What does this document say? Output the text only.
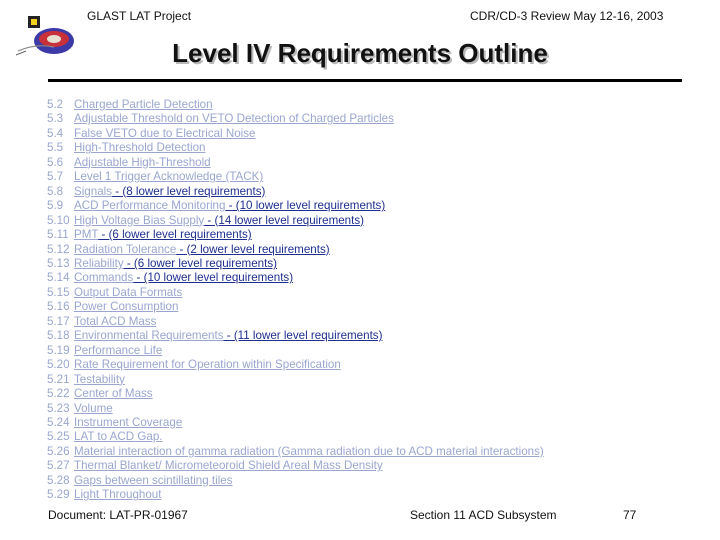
GLAST LAT Project	CDR/CD-3 Review May 12-16, 2003
Level IV Requirements Outline
5.2 Charged Particle Detection
5.3 Adjustable Threshold on VETO Detection of Charged Particles
5.4 False VETO due to Electrical Noise
5.5 High-Threshold Detection
5.6 Adjustable High-Threshold
5.7 Level 1 Trigger Acknowledge (TACK)
5.8 Signals - (8 lower level requirements)
5.9 ACD Performance Monitoring - (10 lower level requirements)
5.10 High Voltage Bias Supply - (14 lower level requirements)
5.11 PMT - (6 lower level requirements)
5.12 Radiation Tolerance - (2 lower level requirements)
5.13 Reliability - (6 lower level requirements)
5.14 Commands - (10 lower level requirements)
5.15 Output Data Formats
5.16 Power Consumption
5.17 Total ACD Mass
5.18 Environmental Requirements - (11 lower level requirements)
5.19 Performance Life
5.20 Rate Requirement for Operation within Specification
5.21 Testability
5.22 Center of Mass
5.23 Volume
5.24 Instrument Coverage
5.25 LAT to ACD Gap.
5.26 Material interaction of gamma radiation (Gamma radiation due to ACD material interactions)
5.27 Thermal Blanket/ Micrometeoroid Shield Areal Mass Density
5.28 Gaps between scintillating tiles
5.29 Light Throughout
Document: LAT-PR-01967	Section 11 ACD Subsystem	77
